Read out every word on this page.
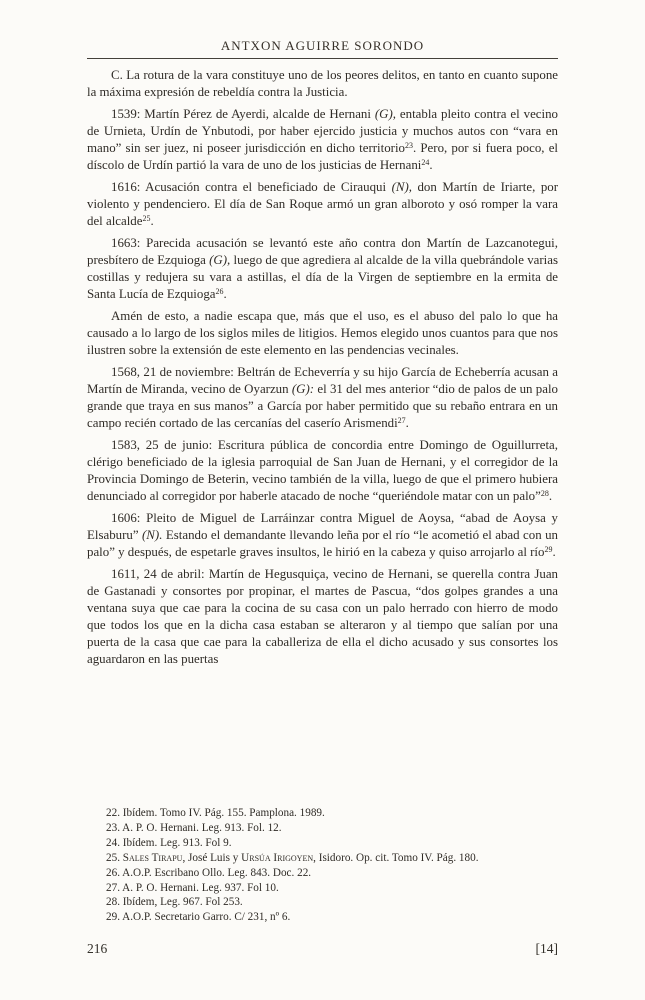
ANTXON AGUIRRE SORONDO

C. La rotura de la vara constituye uno de los peores delitos, en tanto en cuanto supone la máxima expresión de rebeldía contra la Justicia.

1539: Martín Pérez de Ayerdi, alcalde de Hernani (G), entabla pleito contra el vecino de Urnieta, Urdín de Ynbutodi, por haber ejercido justicia y muchos autos con “vara en mano” sin ser juez, ni poseer jurisdicción en dicho territorio$^{23}$. Pero, por si fuera poco, el díscolo de Urdín partió la vara de uno de los justicias de Hernani$^{24}$.

1616: Acusación contra el beneficiado de Cirauqui (N), don Martín de Iriarte, por violento y pendenciero. El día de San Roque armó un gran alboroto y osó romper la vara del alcalde$^{25}$.

1663: Parecida acusación se levantó este año contra don Martín de Lazcanotegui, presbítero de Ezquioga (G), luego de que agrediera al alcalde de la villa quebrándole varias costillas y redujera su vara a astillas, el día de la Virgen de septiembre en la ermita de Santa Lucía de Ezquioga$^{26}$.

Amén de esto, a nadie escapa que, más que el uso, es el abuso del palo lo que ha causado a lo largo de los siglos miles de litigios. Hemos elegido unos cuantos para que nos ilustren sobre la extensión de este elemento en las pendencias vecinales.

1568, 21 de noviembre: Beltrán de Echeverría y su hijo García de Echeberría acusan a Martín de Miranda, vecino de Oyarzun (G): el 31 del mes anterior “dio de palos de un palo grande que traya en sus manos” a García por haber permitido que su rebaño entrara en un campo recién cortado de las cercanías del caserío Arismendi$^{27}$.

1583, 25 de junio: Escritura pública de concordia entre Domingo de Oguillurreta, clérigo beneficiado de la iglesia parroquial de San Juan de Hernani, y el corregidor de la Provincia Domingo de Beterin, vecino también de la villa, luego de que el primero hubiera denunciado al corregidor por haberle atacado de noche “queriéndole matar con un palo”$^{28}$.

1606: Pleito de Miguel de Larráinzar contra Miguel de Aoysa, “abad de Aoysa y Elsaburu” (N). Estando el demandante llevando leña por el río “le acometió el abad con un palo” y después, de espetarle graves insultos, le hirió en la cabeza y quiso arrojarlo al río$^{29}$.

1611, 24 de abril: Martín de Hegusquiça, vecino de Hernani, se querella contra Juan de Gastanadi y consortes por propinar, el martes de Pascua, “dos golpes grandes a una ventana suya que cae para la cocina de su casa con un palo herrado con hierro de modo que todos los que en la dicha casa estaban se alteraron y al tiempo que salían por una puerta de la casa que cae para la caballeriza de ella el dicho acusado y sus consortes los aguardaron en las puertas

22. Ibídem. Tomo IV. Pág. 155. Pamplona. 1989.
23. A. P. O. Hernani. Leg. 913. Fol. 12.
24. Ibídem. Leg. 913. Fol 9.
25. Sales Tirapu, José Luis y Ursúa Irigoyen, Isidoro. Op. cit. Tomo IV. Pág. 180.
26. A.O.P. Escribano Ollo. Leg. 843. Doc. 22.
27. A. P. O. Hernani. Leg. 937. Fol 10.
28. Ibídem, Leg. 967. Fol 253.
29. A.O.P. Secretario Garro. C/ 231, nº 6.
216	[14]
